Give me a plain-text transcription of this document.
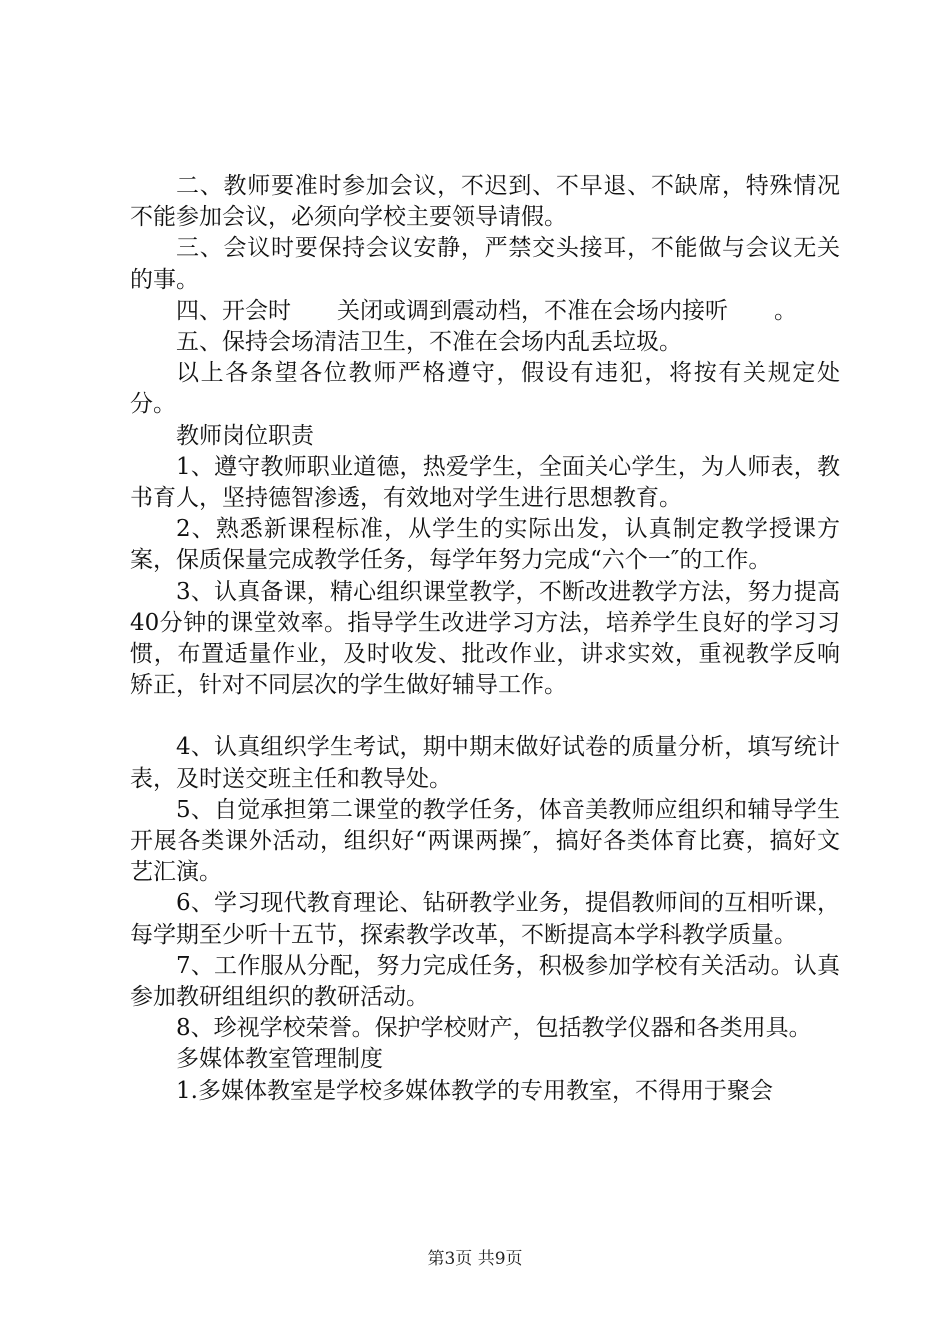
二、教师要准时参加会议，不迟到、不早退、不缺席，特殊情况不能参加会议，必须向学校主要领导请假。

三、会议时要保持会议安静，严禁交头接耳，不能做与会议无关的事。

四、开会时　　关闭或调到震动档，不准在会场内接听　　。

五、保持会场清洁卫生，不准在会场内乱丢垃圾。

以上各条望各位教师严格遵守，假设有违犯，将按有关规定处分。

教师岗位职责

1、遵守教师职业道德，热爱学生，全面关心学生，为人师表，教书育人，坚持德智渗透，有效地对学生进行思想教育。

2、熟悉新课程标准，从学生的实际出发，认真制定教学授课方案，保质保量完成教学任务，每学年努力完成“六个一″的工作。

3、认真备课，精心组织课堂教学，不断改进教学方法，努力提高40分钟的课堂效率。指导学生改进学习方法，培养学生良好的学习习惯，布置适量作业，及时收发、批改作业，讲求实效，重视教学反响矫正，针对不同层次的学生做好辅导工作。

4、认真组织学生考试，期中期末做好试卷的质量分析，填写统计表，及时送交班主任和教导处。

5、自觉承担第二课堂的教学任务，体音美教师应组织和辅导学生开展各类课外活动，组织好“两课两操″，搞好各类体育比赛，搞好文艺汇演。

6、学习现代教育理论、钻研教学业务，提倡教师间的互相听课，每学期至少听十五节，探索教学改革，不断提高本学科教学质量。

7、工作服从分配，努力完成任务，积极参加学校有关活动。认真参加教研组组织的教研活动。

8、珍视学校荣誉。保护学校财产，包括教学仪器和各类用具。

多媒体教室管理制度

1.多媒体教室是学校多媒体教学的专用教室，不得用于聚会

第3页 共9页
